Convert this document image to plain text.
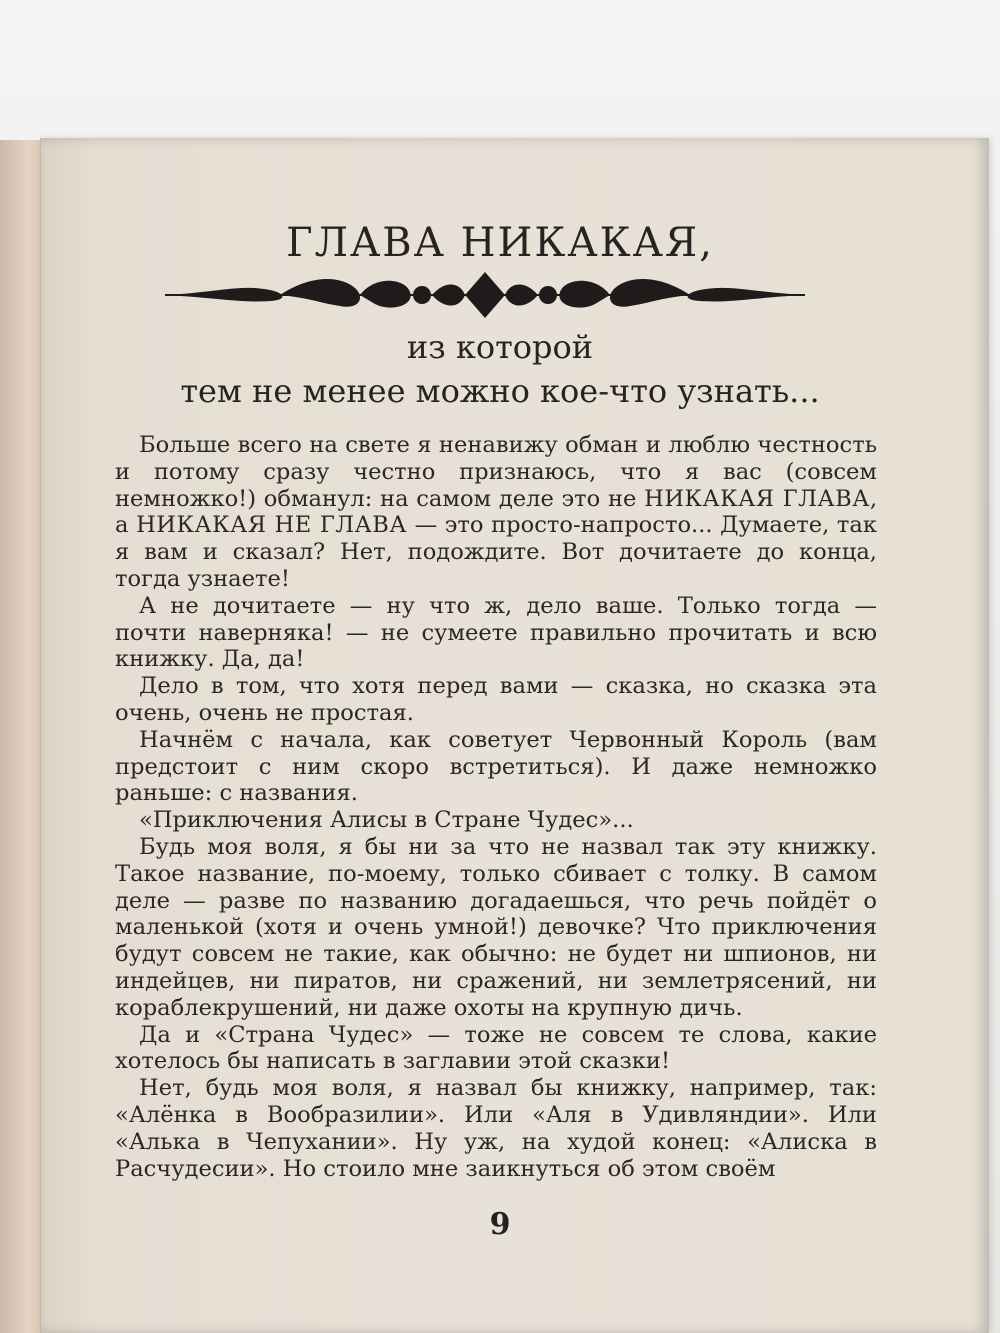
ГЛАВА НИКАКАЯ,
из которой
тем не менее можно кое-что узнать...

Больше всего на свете я ненавижу обман и люблю честность и потому сразу честно признаюсь, что я вас (совсем немножко!) обманул: на самом деле это не НИКАКАЯ ГЛАВА, а НИКАКАЯ НЕ ГЛАВА — это просто-напросто... Думаете, так я вам и сказал? Нет, подождите. Вот дочитаете до конца, тогда узнаете!

А не дочитаете — ну что ж, дело ваше. Только тогда — почти наверняка! — не сумеете правильно прочитать и всю книжку. Да, да!

Дело в том, что хотя перед вами — сказка, но сказка эта очень, очень не простая.

Начнём с начала, как советует Червонный Король (вам предстоит с ним скоро встретиться). И даже немножко раньше: с названия.

«Приключения Алисы в Стране Чудес»...

Будь моя воля, я бы ни за что не назвал так эту книжку. Такое название, по-моему, только сбивает с толку. В самом деле — разве по названию догадаешься, что речь пойдёт о маленькой (хотя и очень умной!) девочке? Что приключения будут совсем не такие, как обычно: не будет ни шпионов, ни индейцев, ни пиратов, ни сражений, ни землетрясений, ни кораблекрушений, ни даже охоты на крупную дичь.

Да и «Страна Чудес» — тоже не совсем те слова, какие хотелось бы написать в заглавии этой сказки!

Нет, будь моя воля, я назвал бы книжку, например, так: «Алёнка в Вообразилии». Или «Аля в Удивляндии». Или «Алька в Чепухании». Ну уж, на худой конец: «Алиска в Расчудесии». Но стоило мне заикнуться об этом своём

9
